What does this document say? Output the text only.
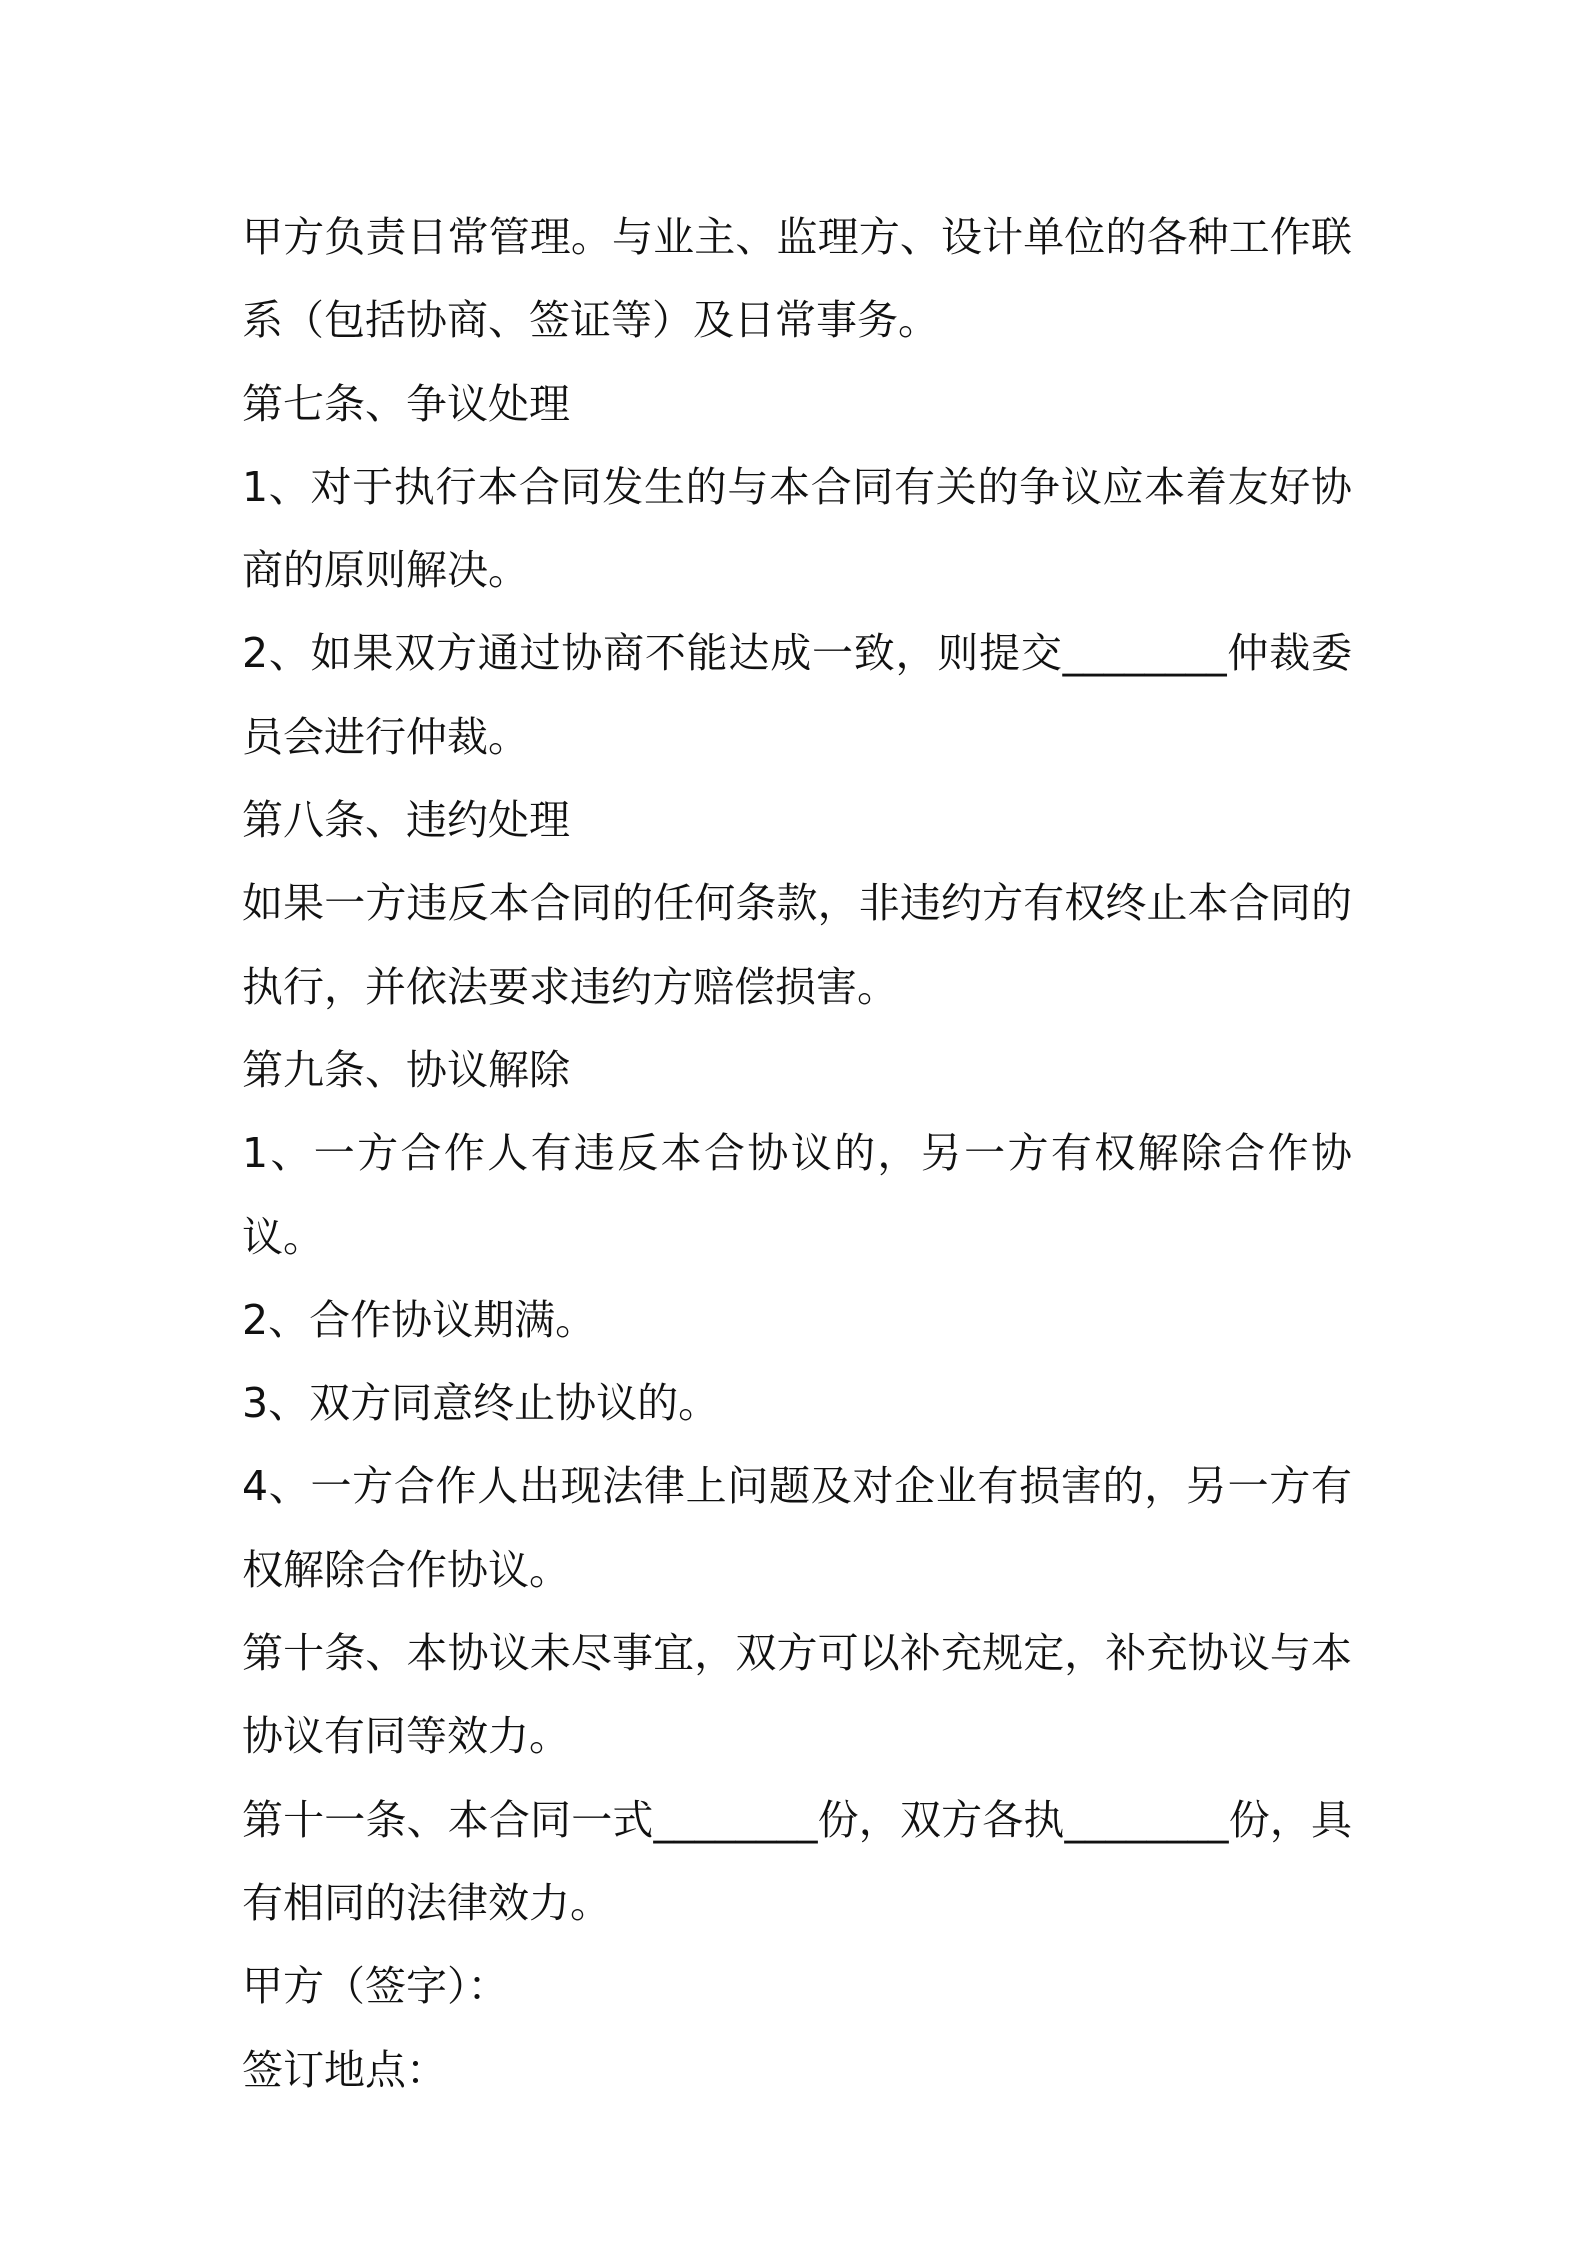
甲方负责日常管理。与业主、监理方、设计单位的各种工作联系（包括协商、签证等）及日常事务。

第七条、争议处理

1、对于执行本合同发生的与本合同有关的争议应本着友好协商的原则解决。

2、如果双方通过协商不能达成一致，则提交________仲裁委员会进行仲裁。

第八条、违约处理

如果一方违反本合同的任何条款，非违约方有权终止本合同的执行，并依法要求违约方赔偿损害。

第九条、协议解除

1、一方合作人有违反本合协议的，另一方有权解除合作协议。

2、合作协议期满。

3、双方同意终止协议的。

4、一方合作人出现法律上问题及对企业有损害的，另一方有权解除合作协议。

第十条、本协议未尽事宜，双方可以补充规定，补充协议与本协议有同等效力。

第十一条、本合同一式________份，双方各执________份，具有相同的法律效力。

甲方（签字）：

签订地点：
